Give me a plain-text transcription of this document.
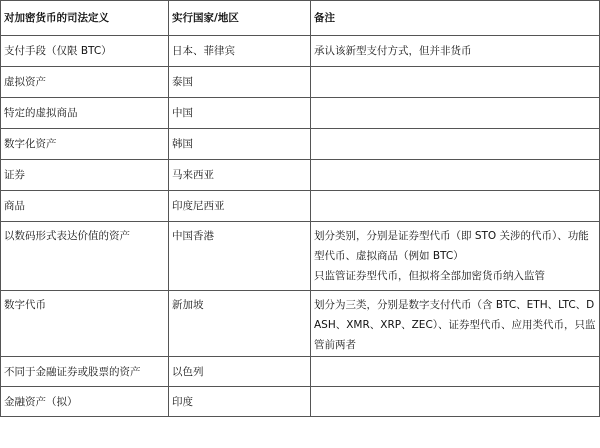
对加密货币的司法定义	实行国家/地区	备注
支付手段（仅限 BTC）	日本、菲律宾	承认该新型支付方式，但并非货币

虚拟资产	泰国	
特定的虚拟商品	中国	
数字化资产	韩国	
证券	马来西亚	
商品	印度尼西亚	
以数码形式表达价值的资产	中国香港	划分类别，分别是证券型代币（即 STO 关涉的代币）、功能型代币、虚拟商品（例如 BTC）
只监管证券型代币，但拟将全部加密货币纳入监管

数字代币	新加坡	划分为三类，分别是数字支付代币（含 BTC、ETH、LTC、DASH、XMR、XRP、ZEC）、证券型代币、应用类代币，只监管前两者

不同于金融证券或股票的资产	以色列	
金融资产（拟）	印度	
